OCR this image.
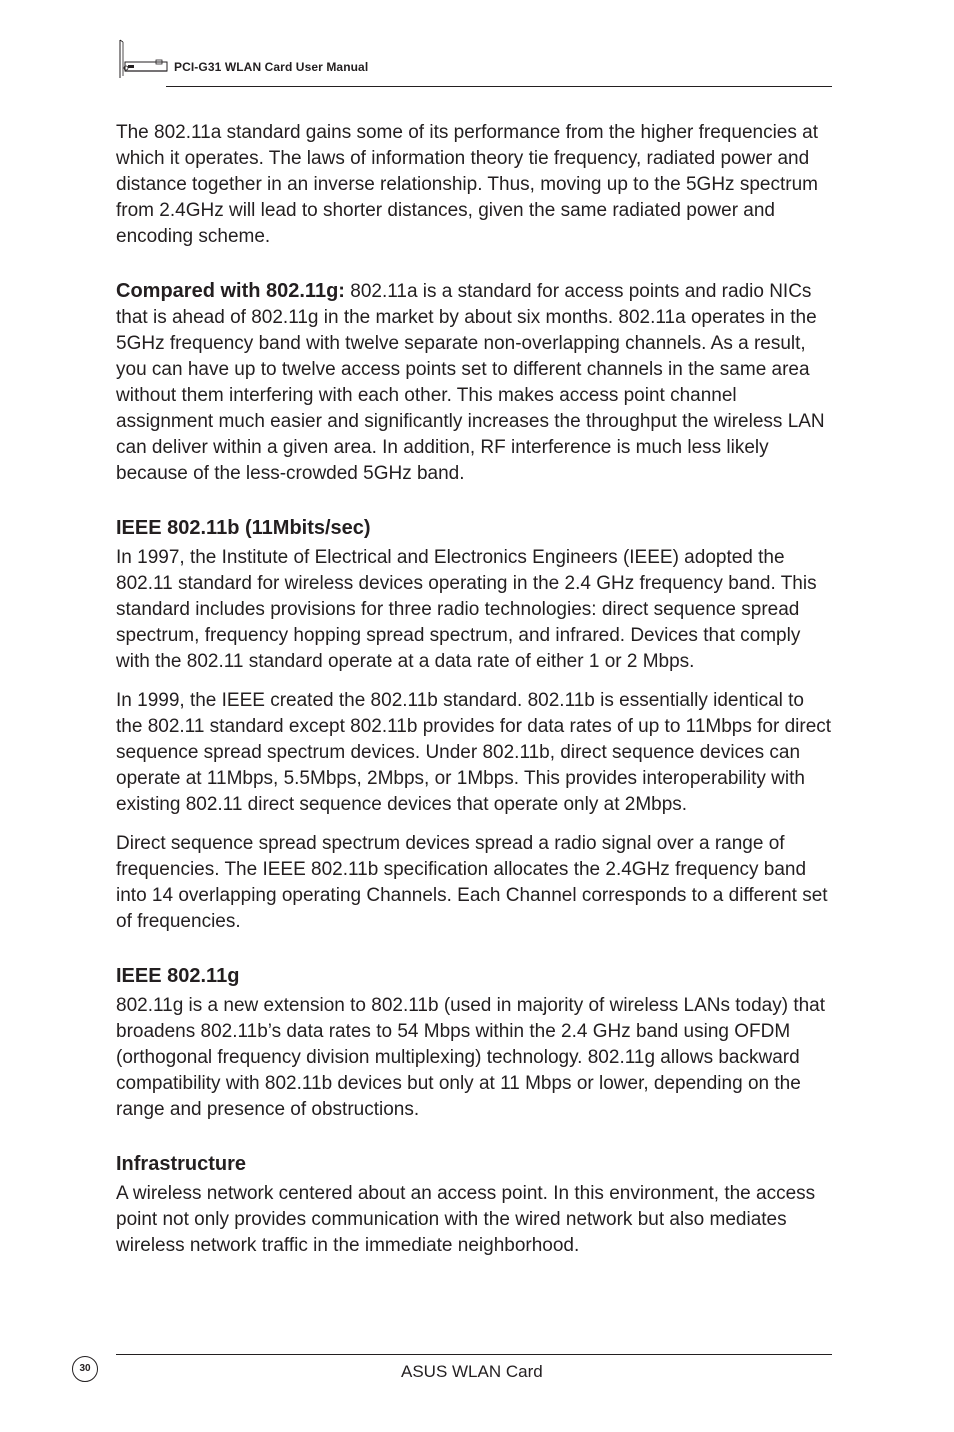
PCI-G31 WLAN Card User Manual

The 802.11a standard gains some of its performance from the higher frequencies at which it operates. The laws of information theory tie frequency, radiated power and distance together in an inverse relationship. Thus, moving up to the 5GHz spectrum from 2.4GHz will lead to shorter distances, given the same radiated power and encoding scheme.

Compared with 802.11g: 802.11a is a standard for access points and radio NICs that is ahead of 802.11g in the market by about six months. 802.11a operates in the 5GHz frequency band with twelve separate non-overlapping channels. As a result, you can have up to twelve access points set to different channels in the same area without them interfering with each other. This makes access point channel assignment much easier and significantly increases the throughput the wireless LAN can deliver within a given area. In addition, RF interference is much less likely because of the less-crowded 5GHz band.

IEEE 802.11b (11Mbits/sec)

In 1997, the Institute of Electrical and Electronics Engineers (IEEE) adopted the 802.11 standard for wireless devices operating in the 2.4 GHz frequency band. This standard includes provisions for three radio technologies: direct sequence spread spectrum, frequency hopping spread spectrum, and infrared. Devices that comply with the 802.11 standard operate at a data rate of either 1 or 2 Mbps.

In 1999, the IEEE created the 802.11b standard. 802.11b is essentially identical to the 802.11 standard except 802.11b provides for data rates of up to 11Mbps for direct sequence spread spectrum devices. Under 802.11b, direct sequence devices can operate at 11Mbps, 5.5Mbps, 2Mbps, or 1Mbps. This provides interoperability with existing 802.11 direct sequence devices that operate only at 2Mbps.

Direct sequence spread spectrum devices spread a radio signal over a range of frequencies. The IEEE 802.11b specification allocates the 2.4GHz frequency band into 14 overlapping operating Channels. Each Channel corresponds to a different set of frequencies.

IEEE 802.11g

802.11g is a new extension to 802.11b (used in majority of wireless LANs today) that broadens 802.11b’s data rates to 54 Mbps within the 2.4 GHz band using OFDM (orthogonal frequency division multiplexing) technology. 802.11g allows backward compatibility with 802.11b devices but only at 11 Mbps or lower, depending on the range and presence of obstructions.

Infrastructure

A wireless network centered about an access point. In this environment, the access point not only provides communication with the wired network but also mediates wireless network traffic in the immediate neighborhood.

30	ASUS WLAN Card
